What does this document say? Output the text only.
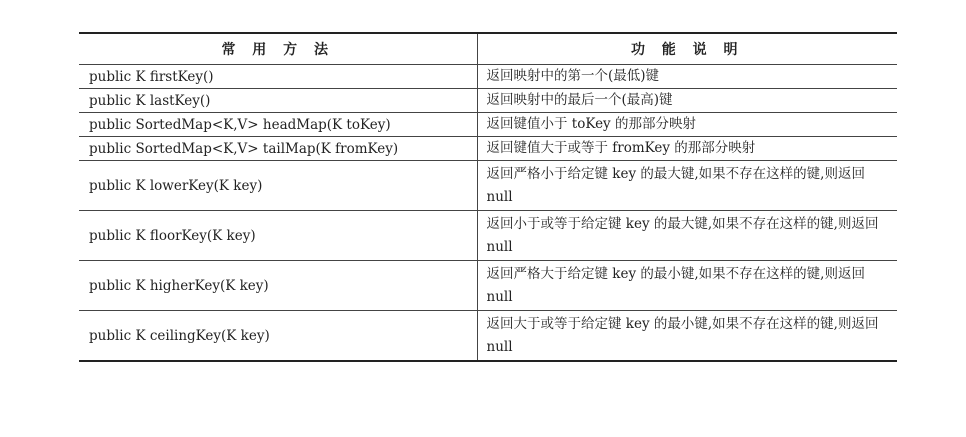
常 用 方 法	功 能 说 明
public K firstKey()	返回映射中的第一个(最低)键
public K lastKey()	返回映射中的最后一个(最高)键
public SortedMap<K,V> headMap(K toKey)	返回键值小于 toKey 的那部分映射
public SortedMap<K,V> tailMap(K fromKey)	返回键值大于或等于 fromKey 的那部分映射
public K lowerKey(K key)	返回严格小于给定键 key 的最大键,如果不存在这样的键,则返回 null
public K floorKey(K key)	返回小于或等于给定键 key 的最大键,如果不存在这样的键,则返回 null
public K higherKey(K key)	返回严格大于给定键 key 的最小键,如果不存在这样的键,则返回 null
public K ceilingKey(K key)	返回大于或等于给定键 key 的最小键,如果不存在这样的键,则返回 null
